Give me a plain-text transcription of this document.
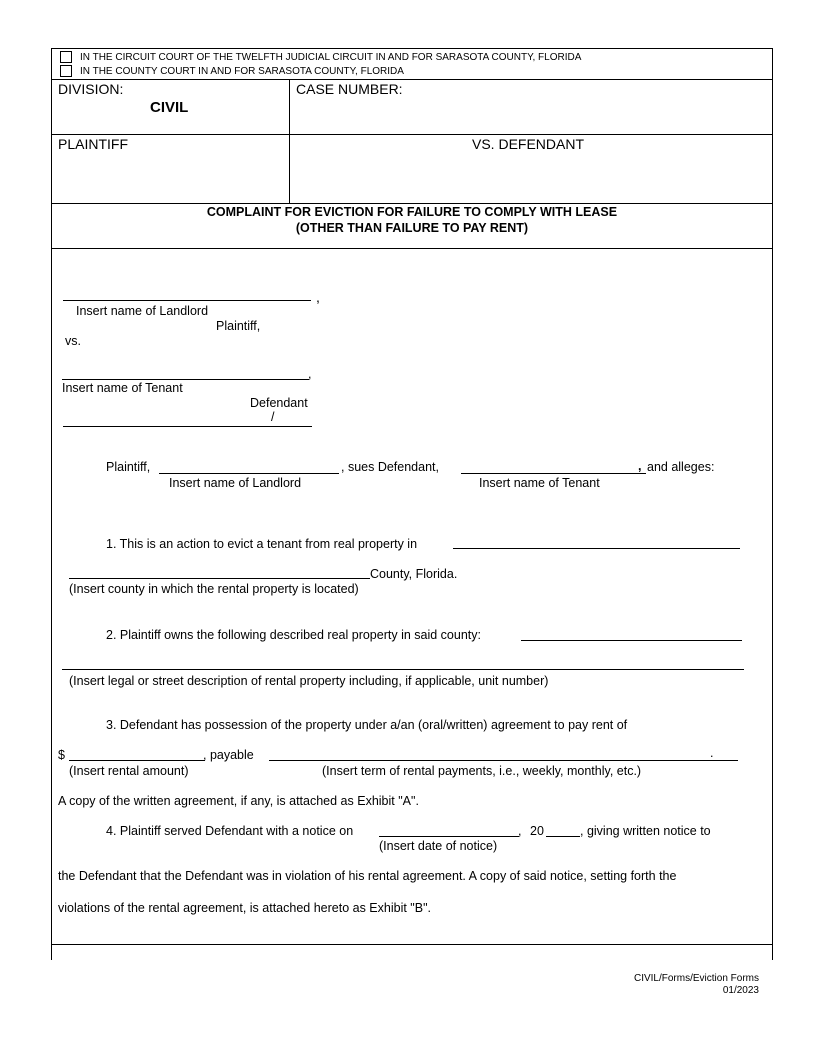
IN THE CIRCUIT COURT OF THE TWELFTH JUDICIAL CIRCUIT IN AND FOR SARASOTA COUNTY, FLORIDA
IN THE COUNTY COURT IN AND FOR SARASOTA COUNTY, FLORIDA
DIVISION:
CIVIL
CASE NUMBER:
PLAINTIFF	VS. DEFENDANT
COMPLAINT FOR EVICTION FOR FAILURE TO COMPLY WITH LEASE
(OTHER THAN FAILURE TO PAY RENT)
,
Insert name of Landlord
Plaintiff,
vs.
,
Insert name of Tenant
Defendant
/
Plaintiff,	, sues Defendant,	, and alleges:
Insert name of Landlord	Insert name of Tenant
1. This is an action to evict a tenant from real property in
County, Florida.
(Insert county in which the rental property is located)
2. Plaintiff owns the following described real property in said county:
(Insert legal or street description of rental property including, if applicable, unit number)
3. Defendant has possession of the property under a/an (oral/written) agreement to pay rent of
$	, payable	.
(Insert rental amount)	(Insert term of rental payments, i.e., weekly, monthly, etc.)
A copy of the written agreement, if any, is attached as Exhibit "A".
4. Plaintiff served Defendant with a notice on	, 20	, giving written notice to
(Insert date of notice)
the Defendant that the Defendant was in violation of his rental agreement. A copy of said notice, setting forth the
violations of the rental agreement, is attached hereto as Exhibit "B".
CIVIL/Forms/Eviction Forms
01/2023
